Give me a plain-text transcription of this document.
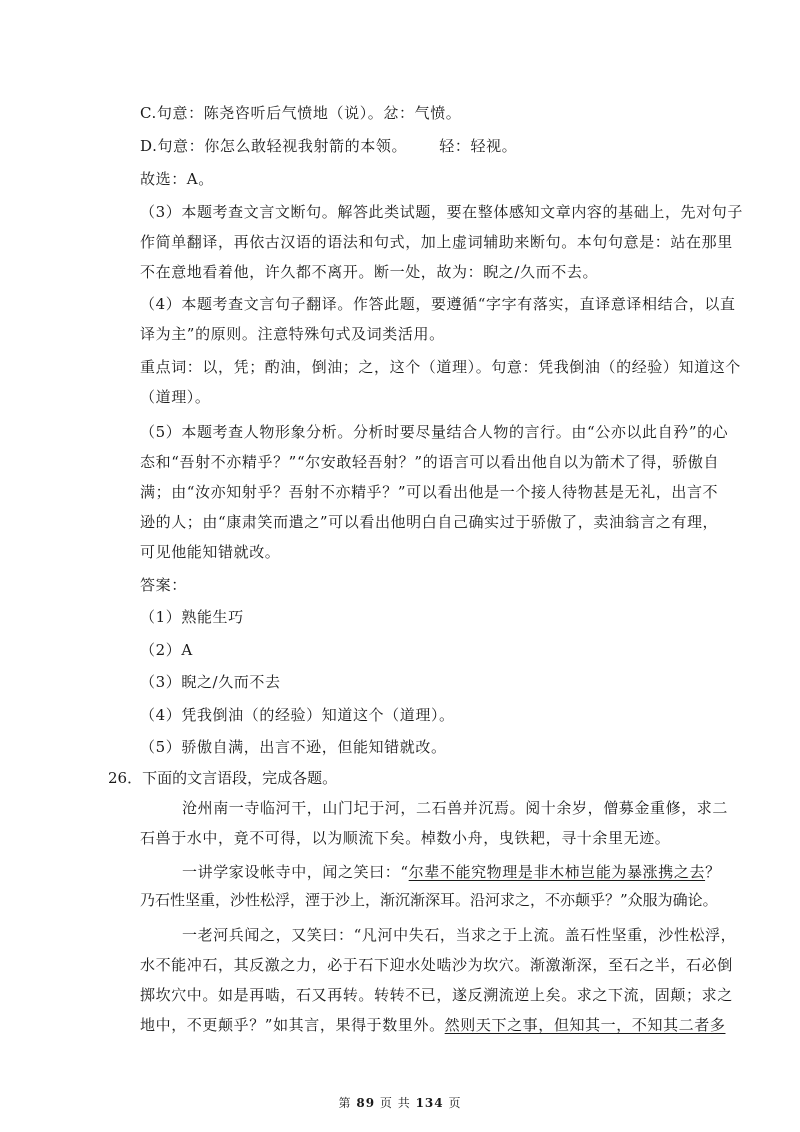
C.句意：陈尧咨听后气愤地（说）。忿：气愤。
D.句意：你怎么敢轻视我射箭的本领。      轻：轻视。
故选：A。
（3）本题考查文言文断句。解答此类试题，要在整体感知文章内容的基础上，先对句子
作简单翻译，再依古汉语的语法和句式，加上虚词辅助来断句。本句句意是：站在那里
不在意地看着他，许久都不离开。断一处，故为：睨之/久而不去。
（4）本题考查文言句子翻译。作答此题，要遵循“字字有落实，直译意译相结合，以直
译为主”的原则。注意特殊句式及词类活用。
重点词：以，凭；酌油，倒油；之，这个（道理）。句意：凭我倒油（的经验）知道这个
（道理）。
（5）本题考查人物形象分析。分析时要尽量结合人物的言行。由“公亦以此自矜”的心
态和“吾射不亦精乎？”“尔安敢轻吾射？”的语言可以看出他自以为箭术了得，骄傲自
满；由“汝亦知射乎？吾射不亦精乎？”可以看出他是一个接人待物甚是无礼，出言不
逊的人；由“康肃笑而遣之”可以看出他明白自己确实过于骄傲了，卖油翁言之有理，
可见他能知错就改。
答案：
（1）熟能生巧
（2）A
（3）睨之/久而不去
（4）凭我倒油（的经验）知道这个（道理）。
（5）骄傲自满，出言不逊，但能知错就改。
26．下面的文言语段，完成各题。
沧州南一寺临河干，山门圮于河，二石兽并沉焉。阅十余岁，僧募金重修，求二
石兽于水中，竟不可得，以为顺流下矣。棹数小舟，曳铁耙，寻十余里无迹。
一讲学家设帐寺中，闻之笑曰：“尔辈不能究物理是非木柿岂能为暴涨携之去？
乃石性坚重，沙性松浮，湮于沙上，渐沉渐深耳。沿河求之，不亦颠乎？”众服为确论。
一老河兵闻之，又笑曰：“凡河中失石，当求之于上流。盖石性坚重，沙性松浮，
水不能冲石，其反激之力，必于石下迎水处啮沙为坎穴。渐激渐深，至石之半，石必倒
掷坎穴中。如是再啮，石又再转。转转不已，遂反溯流逆上矣。求之下流，固颠；求之
地中，不更颠乎？”如其言，果得于数里外。然则天下之事，但知其一，不知其二者多
第 89 页 共 134 页
